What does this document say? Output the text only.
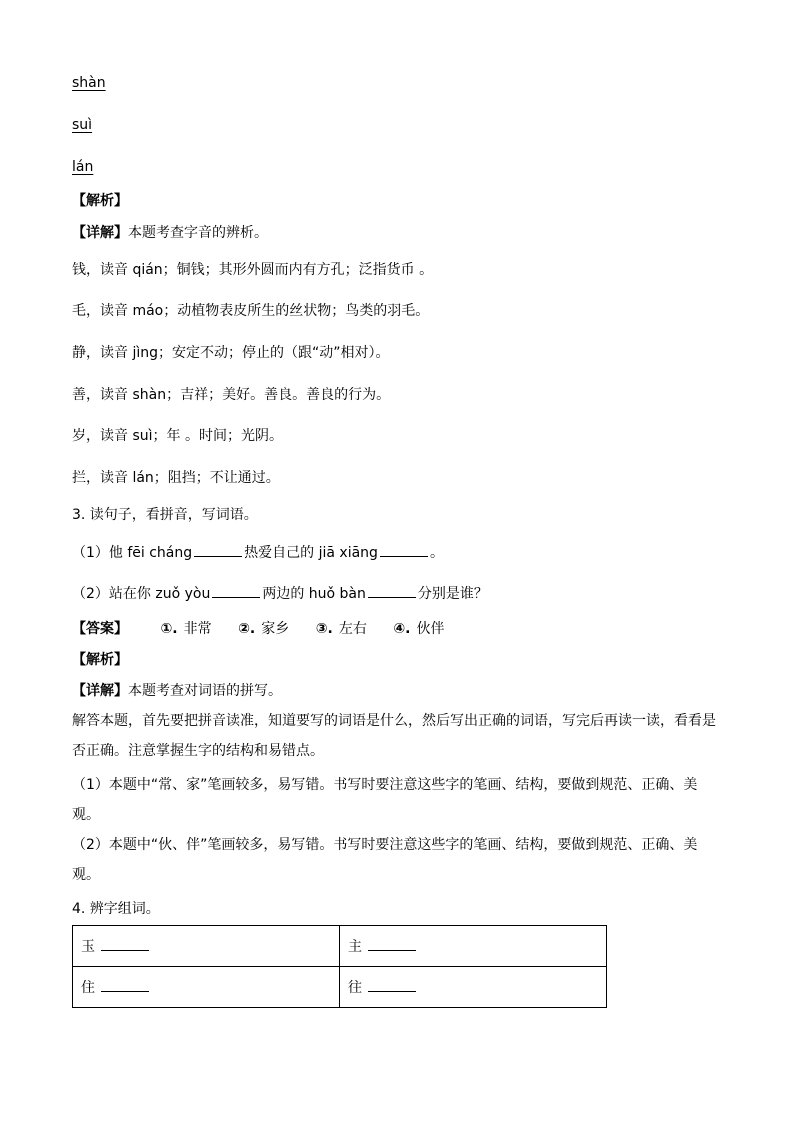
shàn
suì
lán
【解析】
【详解】本题考查字音的辨析。
钱，读音 qián；铜钱；其形外圆而内有方孔；泛指货币 。
毛，读音 máo；动植物表皮所生的丝状物；鸟类的羽毛。
静，读音 jìng；安定不动；停止的（跟“动”相对）。
善，读音 shàn；吉祥；美好。善良。善良的行为。
岁，读音 suì；年 。时间；光阴。
拦，读音 lán；阻挡；不让通过。
3. 读句子，看拼音，写词语。
（1）他 fēi cháng	热爱自己的 jiā xiāng	。
（2）站在你 zuǒ yòu	两边的 huǒ bàn	分别是谁？
【答案】 ①. 非常 ②. 家乡 ③. 左右 ④. 伙伴
【解析】
【详解】本题考查对词语的拼写。
解答本题，首先要把拼音读准，知道要写的词语是什么，然后写出正确的词语，写完后再读一读，看看是否正确。注意掌握生字的结构和易错点。
（1）本题中“常、家”笔画较多，易写错。书写时要注意这些字的笔画、结构，要做到规范、正确、美观。
（2）本题中“伙、伴”笔画较多，易写错。书写时要注意这些字的笔画、结构，要做到规范、正确、美观。
4. 辨字组词。
玉	主
住	往
